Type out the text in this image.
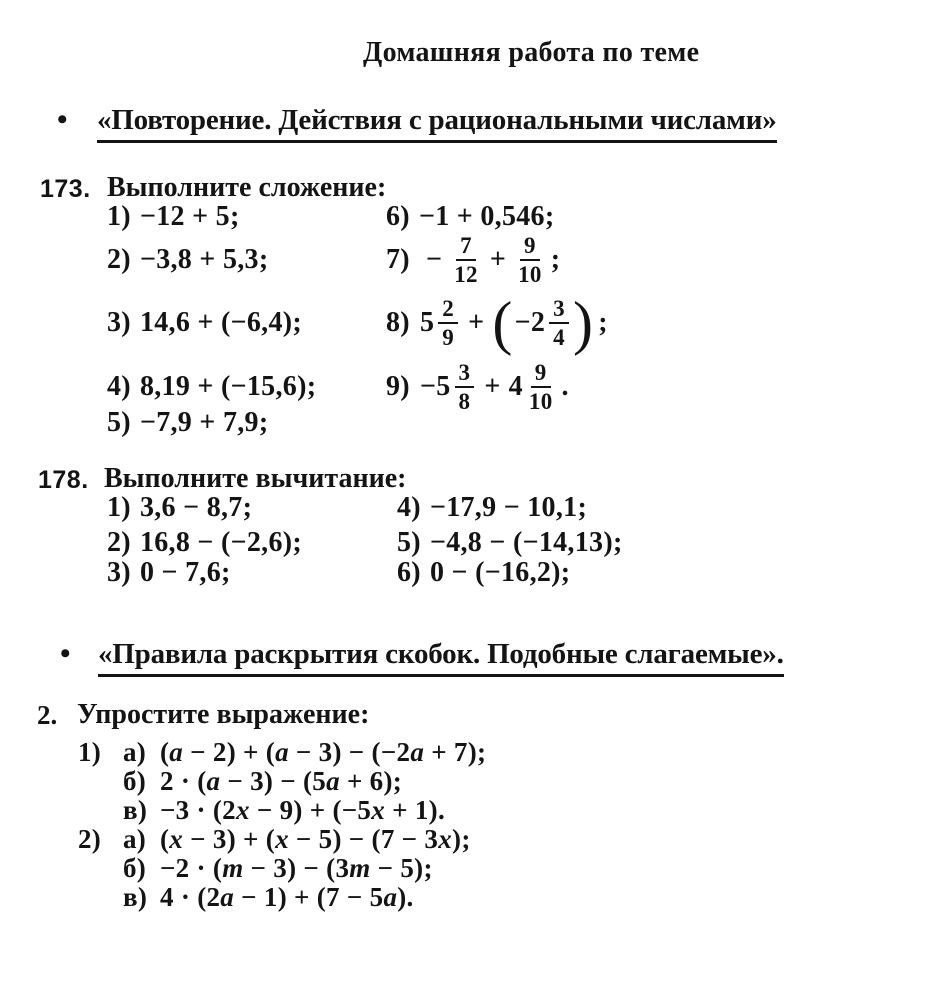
Домашняя работа по теме
• «Повторение. Действия с рациональными числами»
173. Выполните сложение:
1) −12 + 5;
2) −3,8 + 5,3;
3) 14,6 + (−6,4);
4) 8,19 + (−15,6);
5) −7,9 + 7,9;
6) −1 + 0,546;
$7) - \frac{7}{12} + \frac{9}{10}$ ;
8) $5 \frac{2}{9}$ + ( $-2 \frac{3}{4}$ ) ;
$9) -5 \frac{3}{8} + 4 \frac{9}{10}$ .
178. Выполните вычитание:
1) 3,6 − 8,7;
2) 16,8 − (−2,6);
3) 0 − 7,6;
4) −17,9 − 10,1;
5) −4,8 − (−14,13);
6) 0 − (−16,2);
• «Правила раскрытия скобок. Подобные слагаемые».
2. Упростите выражение:
1) а) (a − 2) + (a − 3) − (−2a + 7);
б) 2 · (a − 3) − (5a + 6);
в) −3 · (2x − 9) + (−5x + 1).
2) а) (x − 3) + (x − 5) − (7 − 3x);
б) −2 · (m − 3) − (3m − 5);
в) 4 · (2a − 1) + (7 − 5a).
